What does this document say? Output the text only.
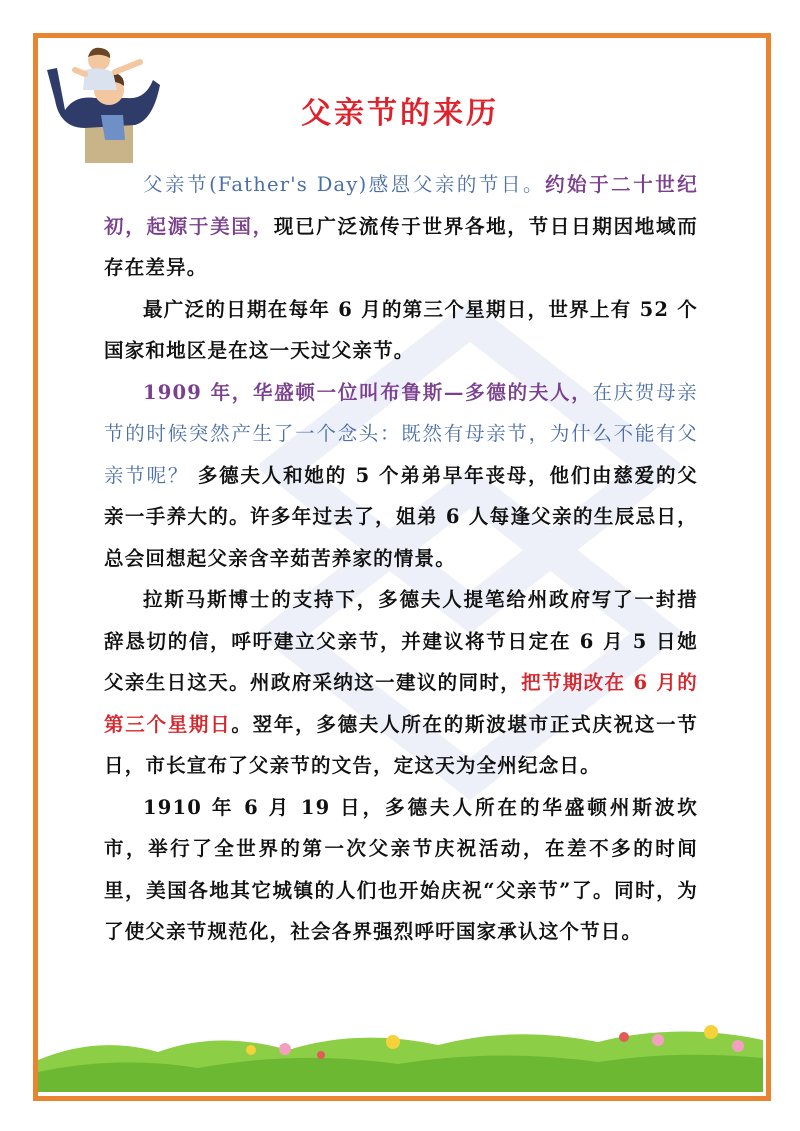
父亲节的来历

父亲节(Father's Day)感恩父亲的节日。约始于二十世纪初，起源于美国，现已广泛流传于世界各地，节日日期因地域而存在差异。

最广泛的日期在每年 6 月的第三个星期日，世界上有 52 个国家和地区是在这一天过父亲节。

1909 年，华盛顿一位叫布鲁斯—多德的夫人，在庆贺母亲节的时候突然产生了一个念头：既然有母亲节，为什么不能有父亲节呢？ 多德夫人和她的 5 个弟弟早年丧母，他们由慈爱的父亲一手养大的。许多年过去了，姐弟 6 人每逢父亲的生辰忌日，总会回想起父亲含辛茹苦养家的情景。

拉斯马斯博士的支持下，多德夫人提笔给州政府写了一封措辞恳切的信，呼吁建立父亲节，并建议将节日定在 6 月 5 日她父亲生日这天。州政府采纳这一建议的同时，把节期改在 6 月的第三个星期日。翌年，多德夫人所在的斯波堪市正式庆祝这一节日，市长宣布了父亲节的文告，定这天为全州纪念日。

1910 年 6 月 19 日，多德夫人所在的华盛顿州斯波坎市，举行了全世界的第一次父亲节庆祝活动，在差不多的时间里，美国各地其它城镇的人们也开始庆祝“父亲节”了。同时，为了使父亲节规范化，社会各界强烈呼吁国家承认这个节日。
